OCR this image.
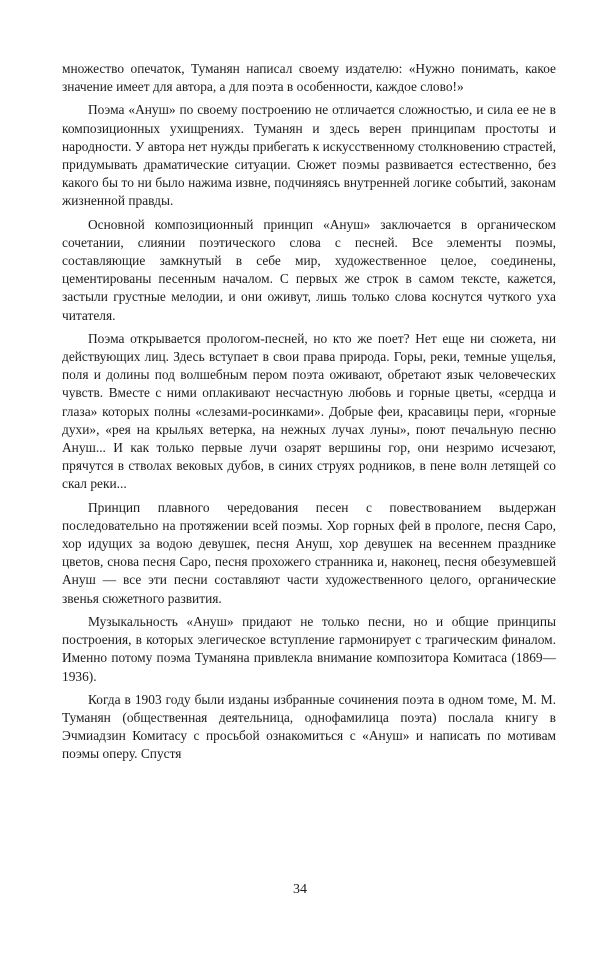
множество опечаток, Туманян написал своему издателю: «Нужно понимать, какое значение имеет для автора, а для поэта в особенности, каждое слово!»

Поэма «Ануш» по своему построению не отличается сложностью, и сила ее не в композиционных ухищрениях. Туманян и здесь верен принципам простоты и народности. У автора нет нужды прибегать к искусственному столкновению страстей, придумывать драматические ситуации. Сюжет поэмы развивается естественно, без какого бы то ни было нажима извне, подчиняясь внутренней логике событий, законам жизненной правды.

Основной композиционный принцип «Ануш» заключается в органическом сочетании, слиянии поэтического слова с песней. Все элементы поэмы, составляющие замкнутый в себе мир, художественное целое, соединены, цементированы песенным началом. С первых же строк в самом тексте, кажется, застыли грустные мелодии, и они оживут, лишь только слова коснутся чуткого уха читателя.

Поэма открывается прологом-песней, но кто же поет? Нет еще ни сюжета, ни действующих лиц. Здесь вступает в свои права природа. Горы, реки, темные ущелья, поля и долины под волшебным пером поэта оживают, обретают язык человеческих чувств. Вместе с ними оплакивают несчастную любовь и горные цветы, «сердца и глаза» которых полны «слезами-росинками». Добрые феи, красавицы пери, «горные духи», «рея на крыльях ветерка, на нежных лучах луны», поют печальную песню Ануш... И как только первые лучи озарят вершины гор, они незримо исчезают, прячутся в стволах вековых дубов, в синих струях родников, в пене волн летящей со скал реки...

Принцип плавного чередования песен с повествованием выдержан последовательно на протяжении всей поэмы. Хор горных фей в прологе, песня Саро, хор идущих за водою девушек, песня Ануш, хор девушек на весеннем празднике цветов, снова песня Саро, песня прохожего странника и, наконец, песня обезумевшей Ануш — все эти песни составляют части художественного целого, органические звенья сюжетного развития.

Музыкальность «Ануш» придают не только песни, но и общие принципы построения, в которых элегическое вступление гармонирует с трагическим финалом. Именно потому поэма Туманяна привлекла внимание композитора Комитаса (1869—1936).

Когда в 1903 году были изданы избранные сочинения поэта в одном томе, М. М. Туманян (общественная деятельница, однофамилица поэта) послала книгу в Эчмиадзин Комитасу с просьбой ознакомиться с «Ануш» и написать по мотивам поэмы оперу. Спустя

34
